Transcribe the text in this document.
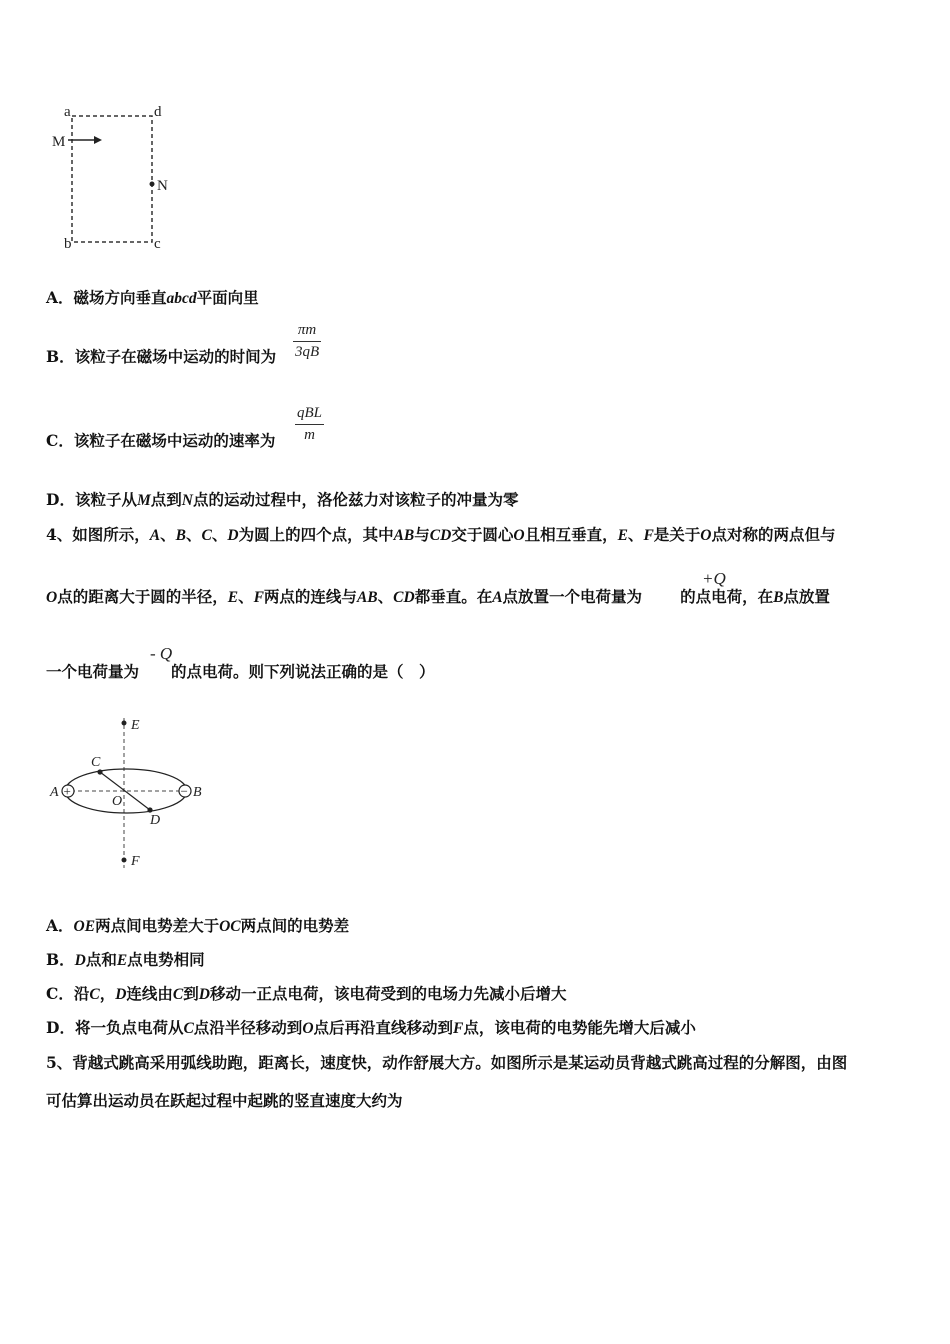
a	d
M
N
b	c
A．磁场方向垂直abcd平面向里
B．该粒子在磁场中运动的时间为
πm
3qB
C．该粒子在磁场中运动的速率为
qBL
m
D．该粒子从M点到N点的运动过程中，洛伦兹力对该粒子的冲量为零
4、如图所示，A、B、C、D为圆上的四个点，其中AB与CD交于圆心O且相互垂直，E、F是关于O点对称的两点但与
O点的距离大于圆的半径，E、F两点的连线与AB、CD都垂直。在A点放置一个电荷量为 的点电荷，在B点放置
+Q
一个电荷量为 的点电荷。则下列说法正确的是（　）
- Q
E
C
+
A
O
− B
D
F
A．OE两点间电势差大于OC两点间的电势差
B．D点和E点电势相同
C．沿C，D连线由C到D移动一正点电荷，该电荷受到的电场力先减小后增大
D．将一负点电荷从C点沿半径移动到O点后再沿直线移动到F点，该电荷的电势能先增大后减小
5、背越式跳高采用弧线助跑，距离长，速度快，动作舒展大方。如图所示是某运动员背越式跳高过程的分解图，由图
可估算出运动员在跃起过程中起跳的竖直速度大约为
